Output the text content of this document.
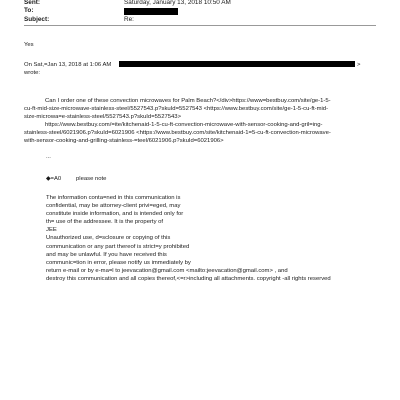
Sent:	Saturday, January 13, 2018 10:50 AM
To:
Subject:	Re:
Yes
On Sat,=Jan 13, 2018 at 1:06 AM	>
wrote:
Can I order one of these convection microwaves for Palm Beach?</div>https://www=bestbuy.com/site/ge-1-5-
cu-ft-mid-size-microwave-stainless-steel/5527543.p?skuId=5527543 <https://www.bestbuy.com/site/ge-1-5-cu-ft-mid-
size-microwa=e-stainless-steel/5527543.p?skuId=5527543>
https://www.bestbuy.com/=ite/kitchenaid-1-5-cu-ft-convection-microwave-with-sensor-cooking-and-gril=ing-
stainless-steel/6021906.p?skuId=6021906 <https://www.bestbuy.com/site/kitchenaid-1=5-cu-ft-convection-microwave-
with-sensor-cooking-and-grilling-stainless-=teel/6021906.p?skuId=6021906>
...
◆=A0	please note
The information conta=ned in this communication is
confidential, may be attorney-client privi=eged, may
constitute inside information, and is intended only for
th= use of the addressee. It is the property of
JEE
Unauthorized use, d=sclosure or copying of this
communication or any part thereof is strict=y prohibited
and may be unlawful. If you have received this
communic=tion in error, please notify us immediately by
return e-mail or by e-ma=l to jeevacation@gmail.com <mailto:jeevacation@gmail.com> , and
destroy this communication and all copies thereof,<=r>including all attachments. copyright -all rights reserved
